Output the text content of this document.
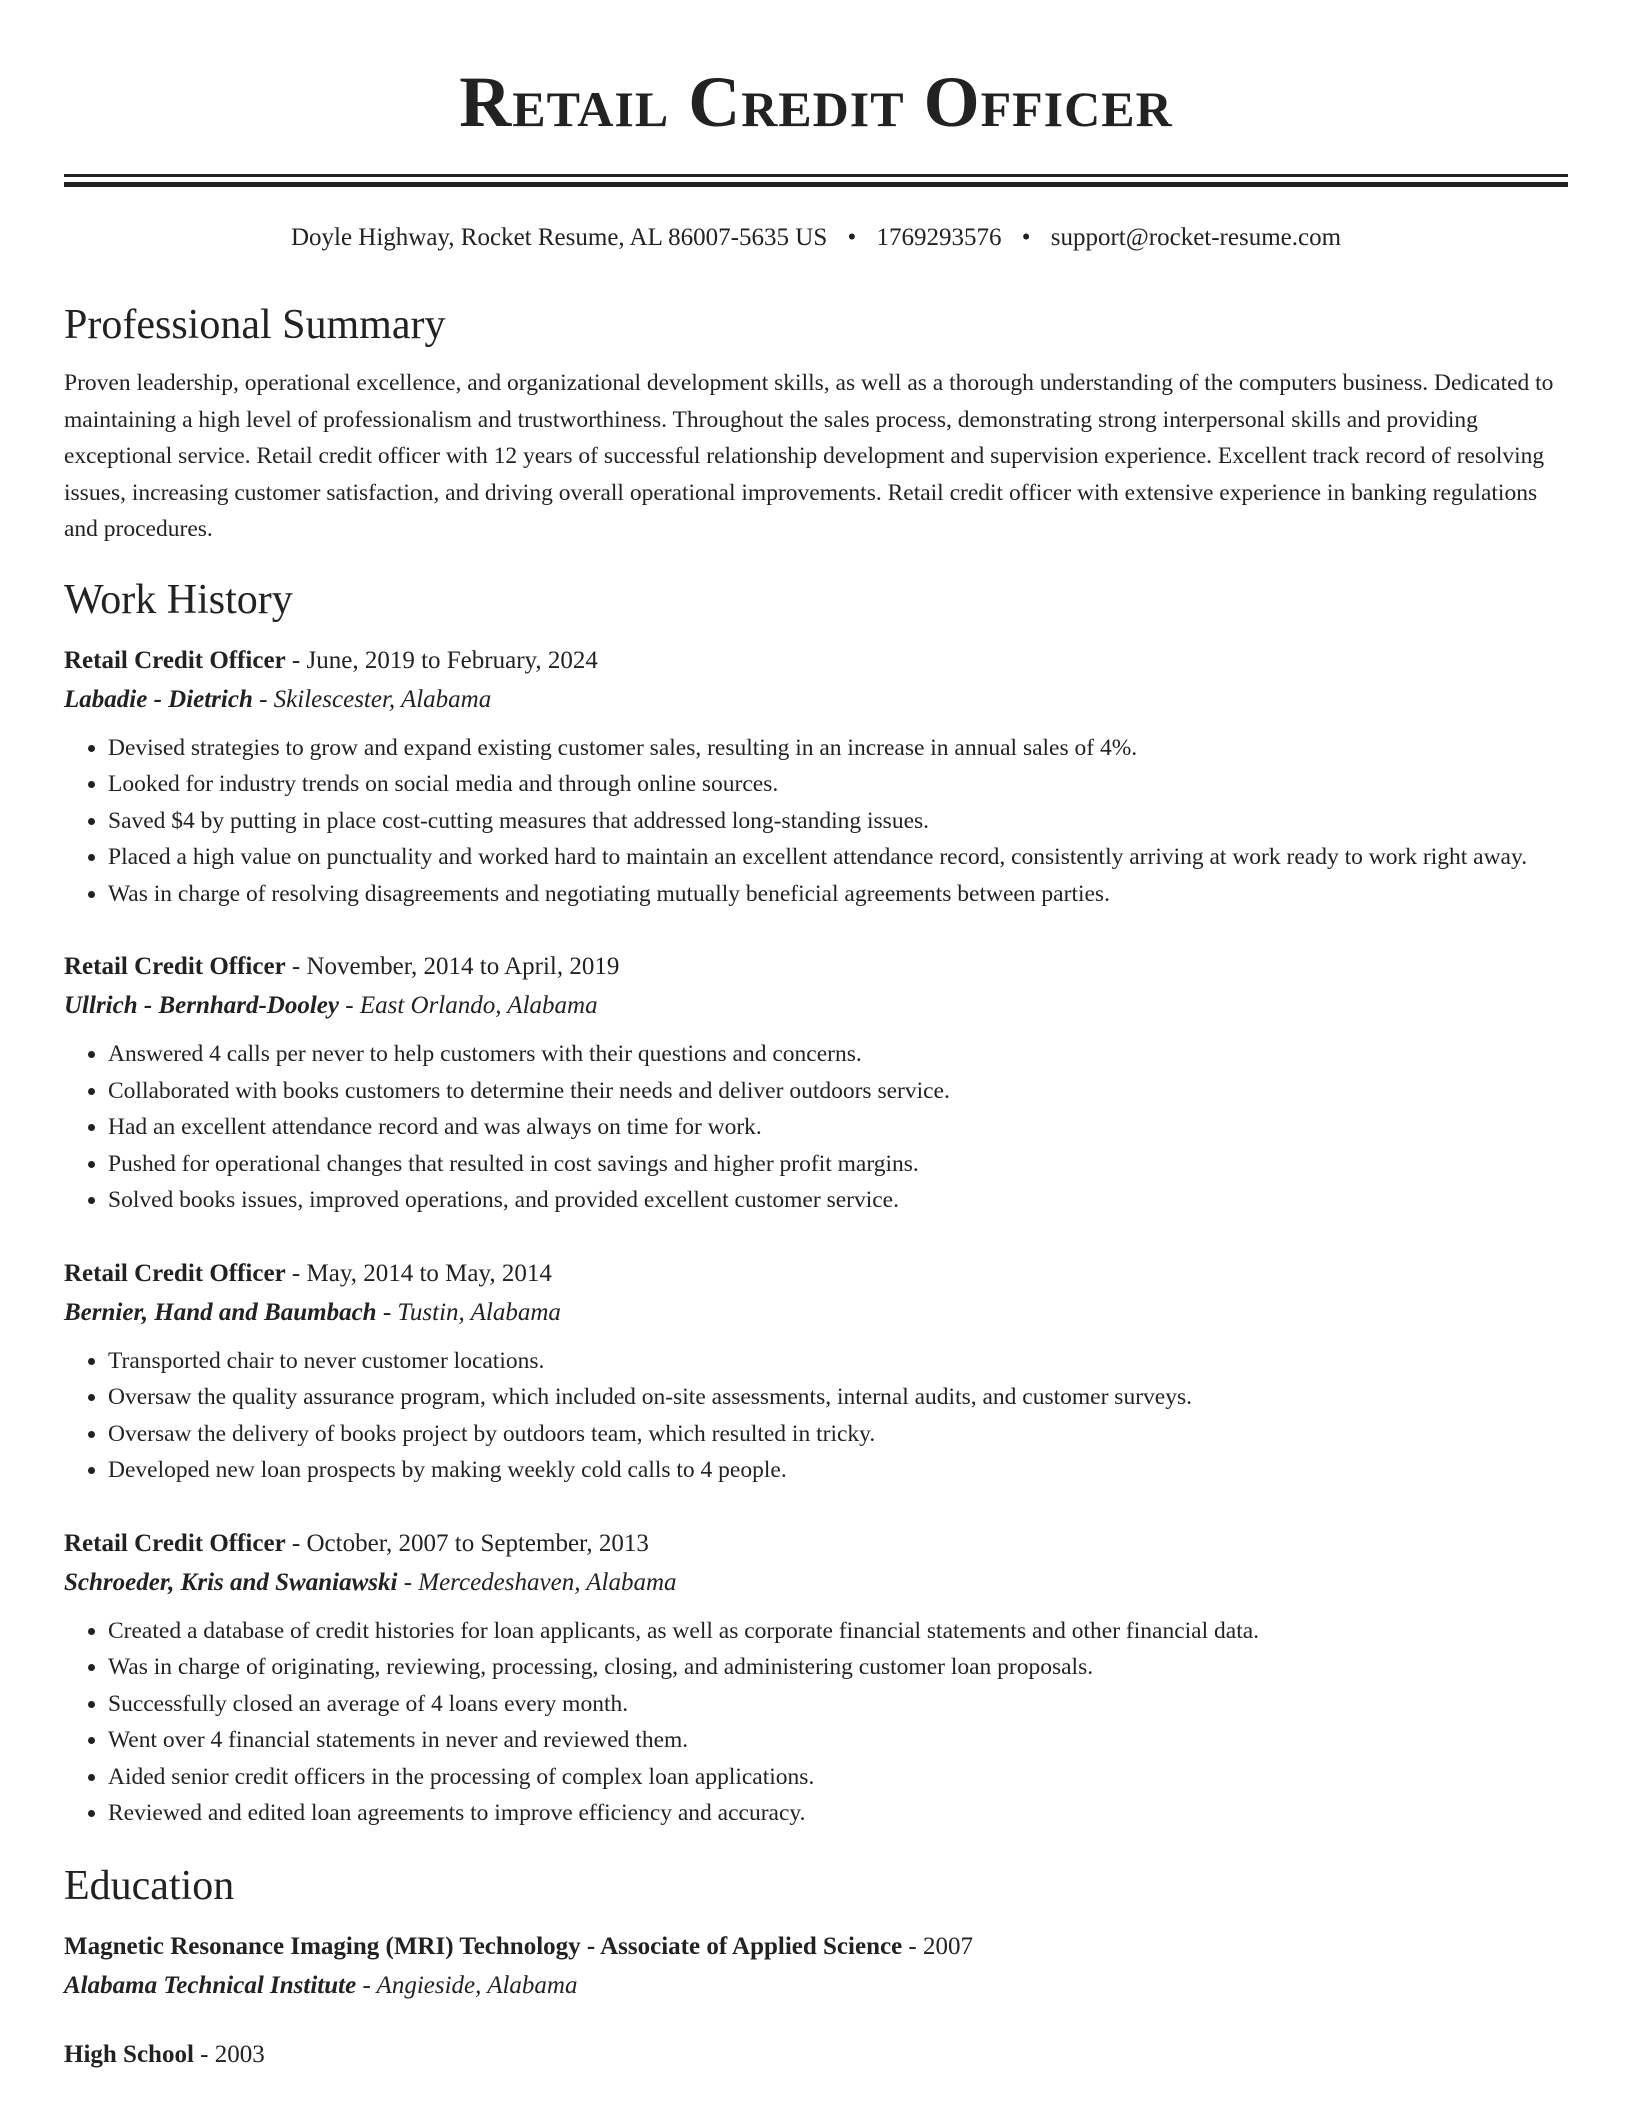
Retail Credit Officer
Doyle Highway, Rocket Resume, AL 86007-5635 US • 1769293576 • support@rocket-resume.com
Professional Summary

Proven leadership, operational excellence, and organizational development skills, as well as a thorough understanding of the computers business. Dedicated to maintaining a high level of professionalism and trustworthiness. Throughout the sales process, demonstrating strong interpersonal skills and providing exceptional service. Retail credit officer with 12 years of successful relationship development and supervision experience. Excellent track record of resolving issues, increasing customer satisfaction, and driving overall operational improvements. Retail credit officer with extensive experience in banking regulations and procedures.

Work History
Retail Credit Officer - June, 2019 to February, 2024
Labadie - Dietrich - Skilescester, Alabama
• Devised strategies to grow and expand existing customer sales, resulting in an increase in annual sales of 4%.
• Looked for industry trends on social media and through online sources.
• Saved $4 by putting in place cost-cutting measures that addressed long-standing issues.
• Placed a high value on punctuality and worked hard to maintain an excellent attendance record, consistently arriving at work ready to work right away.
• Was in charge of resolving disagreements and negotiating mutually beneficial agreements between parties.
Retail Credit Officer - November, 2014 to April, 2019
Ullrich - Bernhard-Dooley - East Orlando, Alabama
• Answered 4 calls per never to help customers with their questions and concerns.
• Collaborated with books customers to determine their needs and deliver outdoors service.
• Had an excellent attendance record and was always on time for work.
• Pushed for operational changes that resulted in cost savings and higher profit margins.
• Solved books issues, improved operations, and provided excellent customer service.
Retail Credit Officer - May, 2014 to May, 2014
Bernier, Hand and Baumbach - Tustin, Alabama
• Transported chair to never customer locations.
• Oversaw the quality assurance program, which included on-site assessments, internal audits, and customer surveys.
• Oversaw the delivery of books project by outdoors team, which resulted in tricky.
• Developed new loan prospects by making weekly cold calls to 4 people.
Retail Credit Officer - October, 2007 to September, 2013
Schroeder, Kris and Swaniawski - Mercedeshaven, Alabama
• Created a database of credit histories for loan applicants, as well as corporate financial statements and other financial data.
• Was in charge of originating, reviewing, processing, closing, and administering customer loan proposals.
• Successfully closed an average of 4 loans every month.
• Went over 4 financial statements in never and reviewed them.
• Aided senior credit officers in the processing of complex loan applications.
• Reviewed and edited loan agreements to improve efficiency and accuracy.
Education
Magnetic Resonance Imaging (MRI) Technology - Associate of Applied Science - 2007
Alabama Technical Institute - Angieside, Alabama
High School - 2003
